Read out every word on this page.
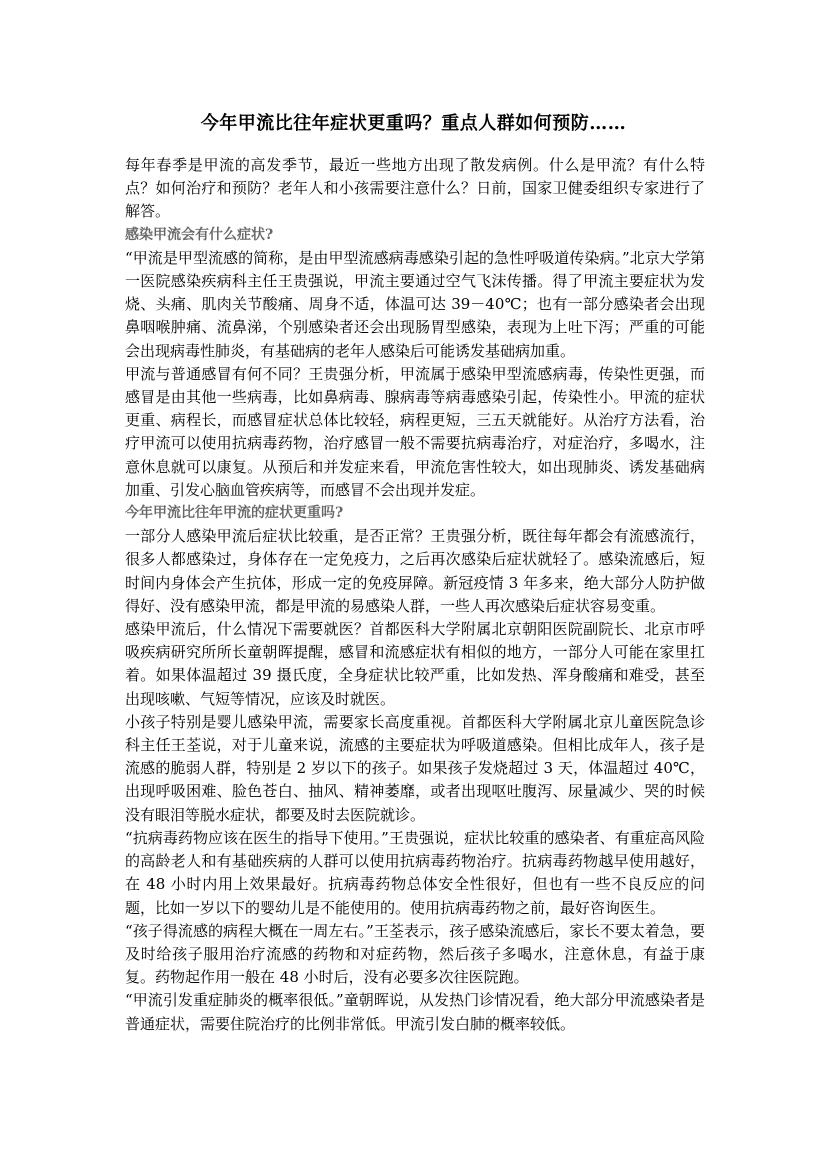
今年甲流比往年症状更重吗？重点人群如何预防……

每年春季是甲流的高发季节，最近一些地方出现了散发病例。什么是甲流？有什么特点？如何治疗和预防？老年人和小孩需要注意什么？日前，国家卫健委组织专家进行了解答。

感染甲流会有什么症状?

“甲流是甲型流感的简称，是由甲型流感病毒感染引起的急性呼吸道传染病。”北京大学第一医院感染疾病科主任王贵强说，甲流主要通过空气飞沫传播。得了甲流主要症状为发烧、头痛、肌肉关节酸痛、周身不适，体温可达 39－40℃；也有一部分感染者会出现鼻咽喉肿痛、流鼻涕，个别感染者还会出现肠胃型感染，表现为上吐下泻；严重的可能会出现病毒性肺炎，有基础病的老年人感染后可能诱发基础病加重。

甲流与普通感冒有何不同？王贵强分析，甲流属于感染甲型流感病毒，传染性更强，而感冒是由其他一些病毒，比如鼻病毒、腺病毒等病毒感染引起，传染性小。甲流的症状更重、病程长，而感冒症状总体比较轻，病程更短，三五天就能好。从治疗方法看，治疗甲流可以使用抗病毒药物，治疗感冒一般不需要抗病毒治疗，对症治疗，多喝水，注意休息就可以康复。从预后和并发症来看，甲流危害性较大，如出现肺炎、诱发基础病加重、引发心脑血管疾病等，而感冒不会出现并发症。

今年甲流比往年甲流的症状更重吗?

一部分人感染甲流后症状比较重，是否正常？王贵强分析，既往每年都会有流感流行，很多人都感染过，身体存在一定免疫力，之后再次感染后症状就轻了。感染流感后，短时间内身体会产生抗体，形成一定的免疫屏障。新冠疫情 3 年多来，绝大部分人防护做得好、没有感染甲流，都是甲流的易感染人群，一些人再次感染后症状容易变重。

感染甲流后，什么情况下需要就医？首都医科大学附属北京朝阳医院副院长、北京市呼吸疾病研究所所长童朝晖提醒，感冒和流感症状有相似的地方，一部分人可能在家里扛着。如果体温超过 39 摄氏度，全身症状比较严重，比如发热、浑身酸痛和难受，甚至出现咳嗽、气短等情况，应该及时就医。

小孩子特别是婴儿感染甲流，需要家长高度重视。首都医科大学附属北京儿童医院急诊科主任王荃说，对于儿童来说，流感的主要症状为呼吸道感染。但相比成年人，孩子是流感的脆弱人群，特别是 2 岁以下的孩子。如果孩子发烧超过 3 天，体温超过 40℃，出现呼吸困难、脸色苍白、抽风、精神萎靡，或者出现呕吐腹泻、尿量减少、哭的时候没有眼泪等脱水症状，都要及时去医院就诊。

“抗病毒药物应该在医生的指导下使用。”王贵强说，症状比较重的感染者、有重症高风险的高龄老人和有基础疾病的人群可以使用抗病毒药物治疗。抗病毒药物越早使用越好，在 48 小时内用上效果最好。抗病毒药物总体安全性很好，但也有一些不良反应的问题，比如一岁以下的婴幼儿是不能使用的。使用抗病毒药物之前，最好咨询医生。

“孩子得流感的病程大概在一周左右。”王荃表示，孩子感染流感后，家长不要太着急，要及时给孩子服用治疗流感的药物和对症药物，然后孩子多喝水，注意休息，有益于康复。药物起作用一般在 48 小时后，没有必要多次往医院跑。

“甲流引发重症肺炎的概率很低。”童朝晖说，从发热门诊情况看，绝大部分甲流感染者是普通症状，需要住院治疗的比例非常低。甲流引发白肺的概率较低。
